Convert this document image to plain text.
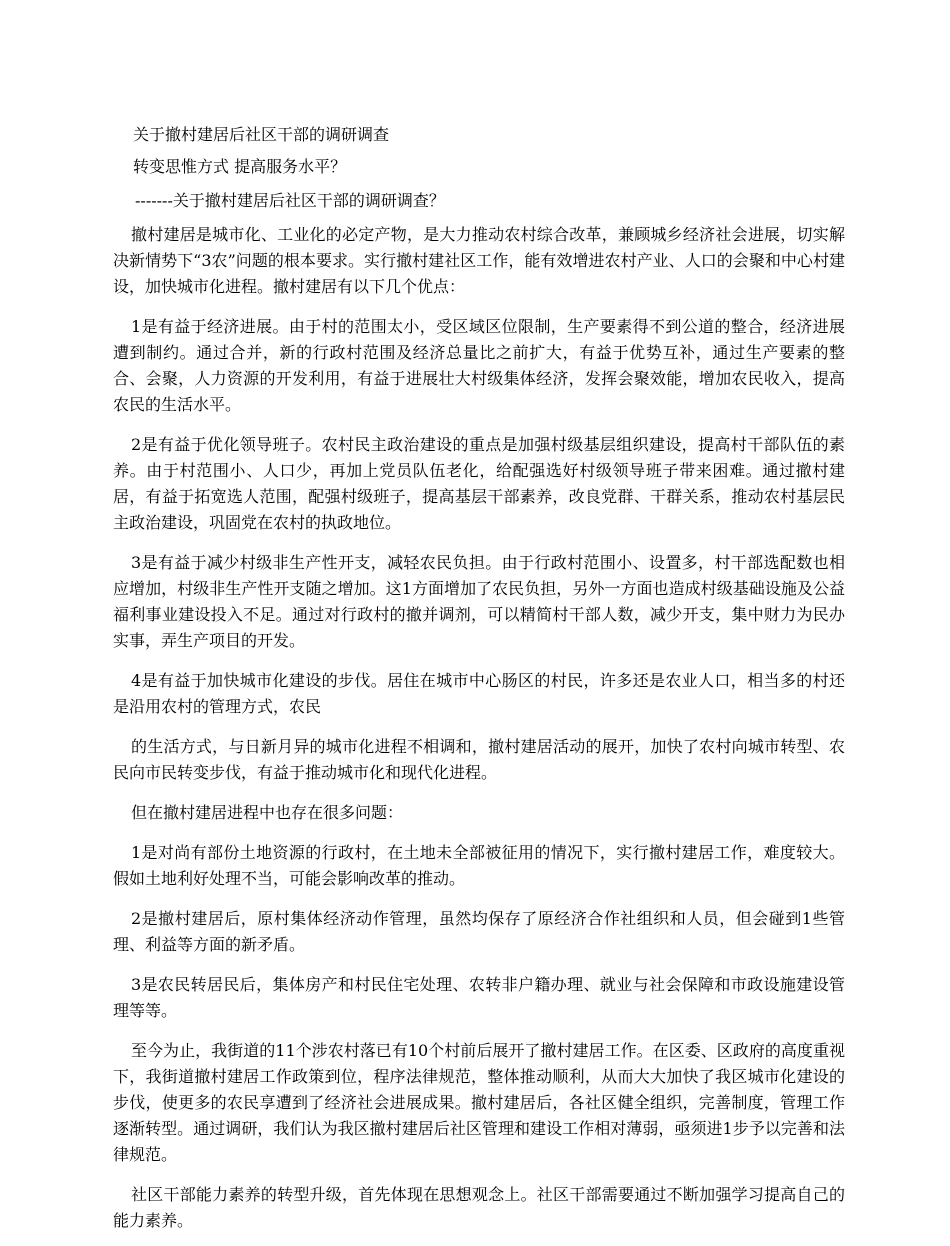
关于撤村建居后社区干部的调研调查

转变思惟方式 提高服务水平？

-------关于撤村建居后社区干部的调研调查？

撤村建居是城市化、工业化的必定产物，是大力推动农村综合改革，兼顾城乡经济社会进展，切实解决新情势下“3农”问题的根本要求。实行撤村建社区工作，能有效增进农村产业、人口的会聚和中心村建设，加快城市化进程。撤村建居有以下几个优点：

1是有益于经济进展。由于村的范围太小，受区域区位限制，生产要素得不到公道的整合，经济进展遭到制约。通过合并，新的行政村范围及经济总量比之前扩大，有益于优势互补，通过生产要素的整合、会聚，人力资源的开发利用，有益于进展壮大村级集体经济，发挥会聚效能，增加农民收入，提高农民的生活水平。

2是有益于优化领导班子。农村民主政治建设的重点是加强村级基层组织建设，提高村干部队伍的素养。由于村范围小、人口少，再加上党员队伍老化，给配强选好村级领导班子带来困难。通过撤村建居，有益于拓宽选人范围，配强村级班子，提高基层干部素养，改良党群、干群关系，推动农村基层民主政治建设，巩固党在农村的执政地位。

3是有益于减少村级非生产性开支，减轻农民负担。由于行政村范围小、设置多，村干部选配数也相应增加，村级非生产性开支随之增加。这1方面增加了农民负担，另外一方面也造成村级基础设施及公益福利事业建设投入不足。通过对行政村的撤并调剂，可以精简村干部人数，减少开支，集中财力为民办实事，弄生产项目的开发。

4是有益于加快城市化建设的步伐。居住在城市中心肠区的村民，许多还是农业人口，相当多的村还是沿用农村的管理方式，农民

的生活方式，与日新月异的城市化进程不相调和，撤村建居活动的展开，加快了农村向城市转型、农民向市民转变步伐，有益于推动城市化和现代化进程。

但在撤村建居进程中也存在很多问题：

1是对尚有部份土地资源的行政村，在土地未全部被征用的情况下，实行撤村建居工作，难度较大。假如土地利好处理不当，可能会影响改革的推动。

2是撤村建居后，原村集体经济动作管理，虽然均保存了原经济合作社组织和人员，但会碰到1些管理、利益等方面的新矛盾。

3是农民转居民后，集体房产和村民住宅处理、农转非户籍办理、就业与社会保障和市政设施建设管理等等。

至今为止，我街道的11个涉农村落已有10个村前后展开了撤村建居工作。在区委、区政府的高度重视下，我街道撤村建居工作政策到位，程序法律规范，整体推动顺利，从而大大加快了我区城市化建设的步伐，使更多的农民享遭到了经济社会进展成果。撤村建居后，各社区健全组织，完善制度，管理工作逐渐转型。通过调研，我们认为我区撤村建居后社区管理和建设工作相对薄弱，亟须进1步予以完善和法律规范。

社区干部能力素养的转型升级，首先体现在思想观念上。社区干部需要通过不断加强学习提高自己的能力素养。
